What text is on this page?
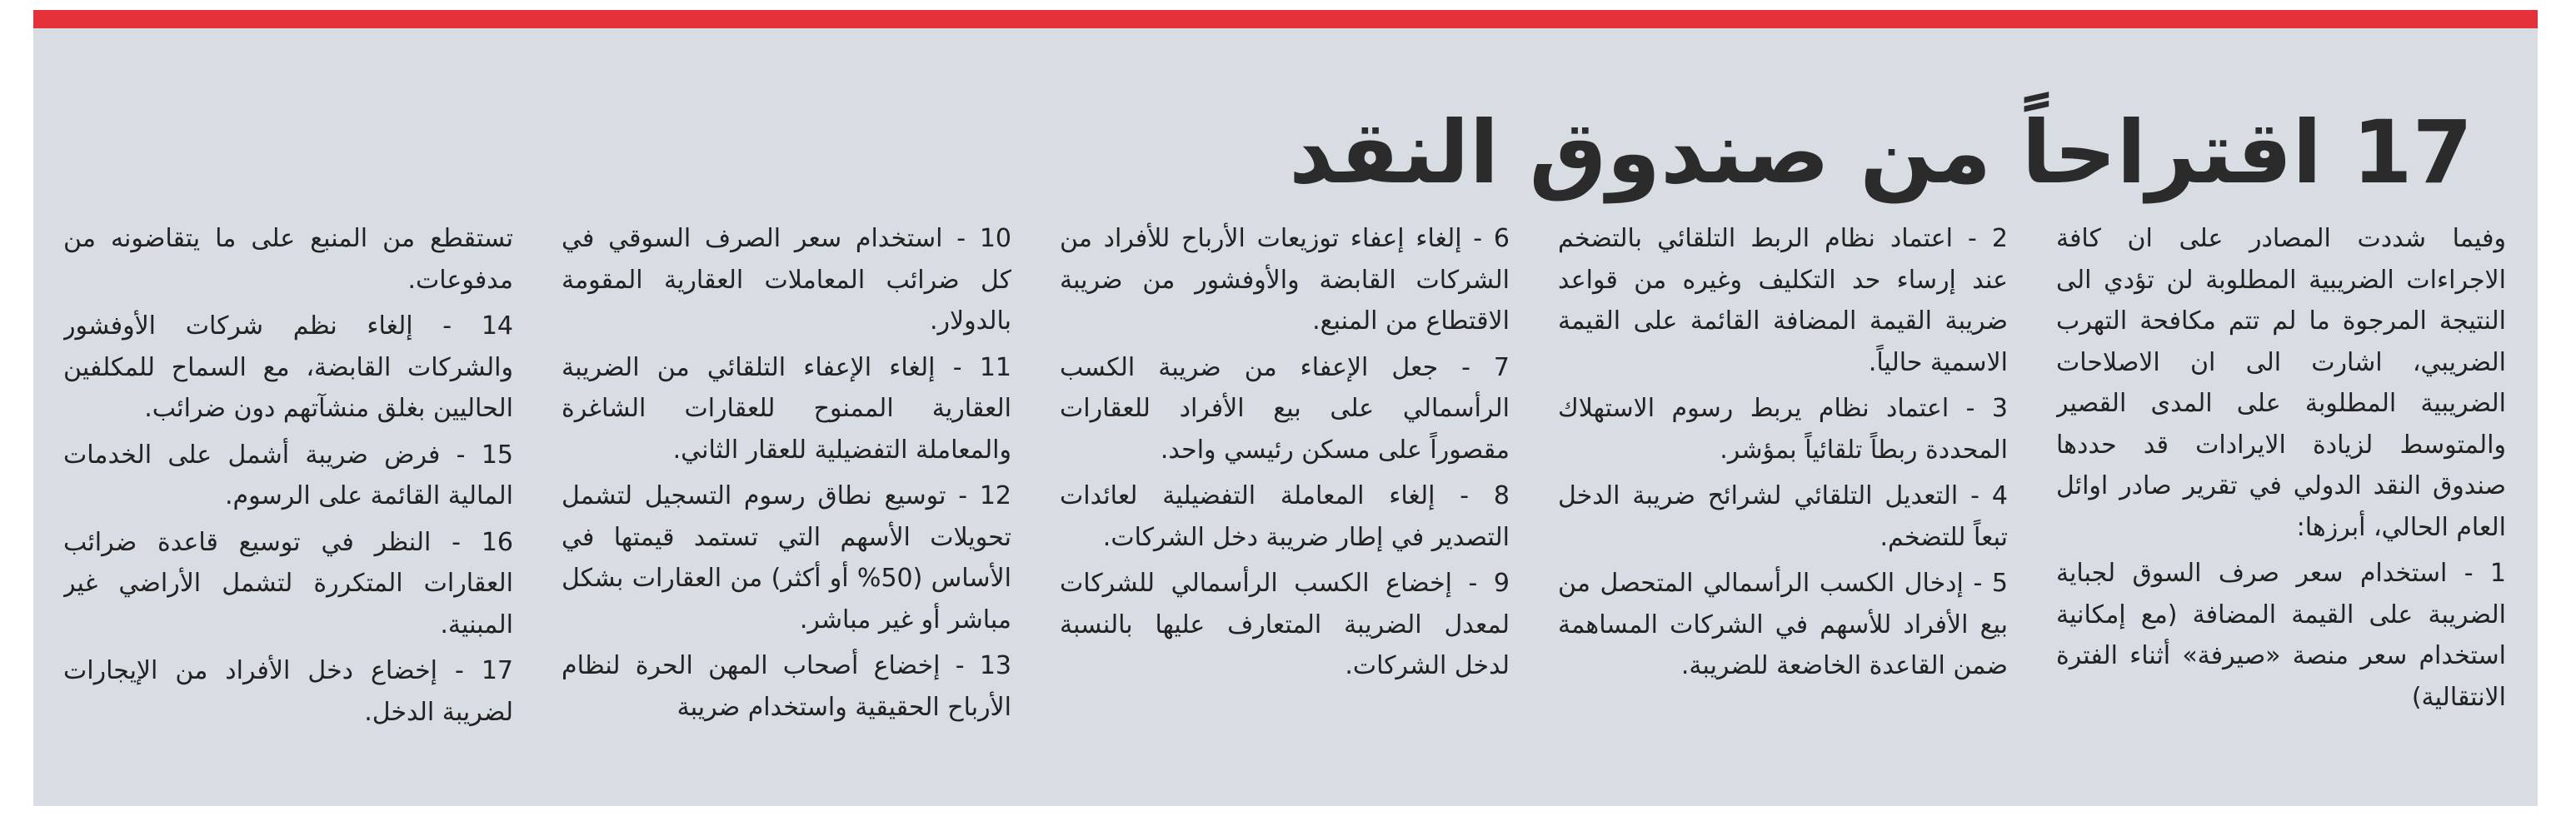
17 اقتراحاً من صندوق النقد

وفيما شددت المصادر على ان كافة الاجراءات الضريبية المطلوبة لن تؤدي الى النتيجة المرجوة ما لم تتم مكافحة التهرب الضريبي، اشارت الى ان الاصلاحات الضريبية المطلوبة على المدى القصير والمتوسط لزيادة الايرادات قد حددها صندوق النقد الدولي في تقرير صادر اوائل العام الحالي، أبرزها:

1 - استخدام سعر صرف السوق لجباية الضريبة على القيمة المضافة (مع إمكانية استخدام سعر منصة «صيرفة» أثناء الفترة الانتقالية)

2 - اعتماد نظام الربط التلقائي بالتضخم عند إرساء حد التكليف وغيره من قواعد ضريبة القيمة المضافة القائمة على القيمة الاسمية حالياً.

3 - اعتماد نظام يربط رسوم الاستهلاك المحددة ربطاً تلقائياً بمؤشر.

4 - التعديل التلقائي لشرائح ضريبة الدخل تبعاً للتضخم.

5 - إدخال الكسب الرأسمالي المتحصل من بيع الأفراد للأسهم في الشركات المساهمة ضمن القاعدة الخاضعة للضريبة.

6 - إلغاء إعفاء توزيعات الأرباح للأفراد من الشركات القابضة والأوفشور من ضريبة الاقتطاع من المنبع.

7 - جعل الإعفاء من ضريبة الكسب الرأسمالي على بيع الأفراد للعقارات مقصوراً على مسكن رئيسي واحد.

8 - إلغاء المعاملة التفضيلية لعائدات التصدير في إطار ضريبة دخل الشركات.

9 - إخضاع الكسب الرأسمالي للشركات لمعدل الضريبة المتعارف عليها بالنسبة لدخل الشركات.

10 - استخدام سعر الصرف السوقي في كل ضرائب المعاملات العقارية المقومة بالدولار.

11 - إلغاء الإعفاء التلقائي من الضريبة العقارية الممنوح للعقارات الشاغرة والمعاملة التفضيلية للعقار الثاني.

12 - توسيع نطاق رسوم التسجيل لتشمل تحويلات الأسهم التي تستمد قيمتها في الأساس (50% أو أكثر) من العقارات بشكل مباشر أو غير مباشر.

13 - إخضاع أصحاب المهن الحرة لنظام الأرباح الحقيقية واستخدام ضريبة

تستقطع من المنبع على ما يتقاضونه من مدفوعات.

14 - إلغاء نظم شركات الأوفشور والشركات القابضة، مع السماح للمكلفين الحاليين بغلق منشآتهم دون ضرائب.

15 - فرض ضريبة أشمل على الخدمات المالية القائمة على الرسوم.

16 - النظر في توسيع قاعدة ضرائب العقارات المتكررة لتشمل الأراضي غير المبنية.

17 - إخضاع دخل الأفراد من الإيجارات لضريبة الدخل.
